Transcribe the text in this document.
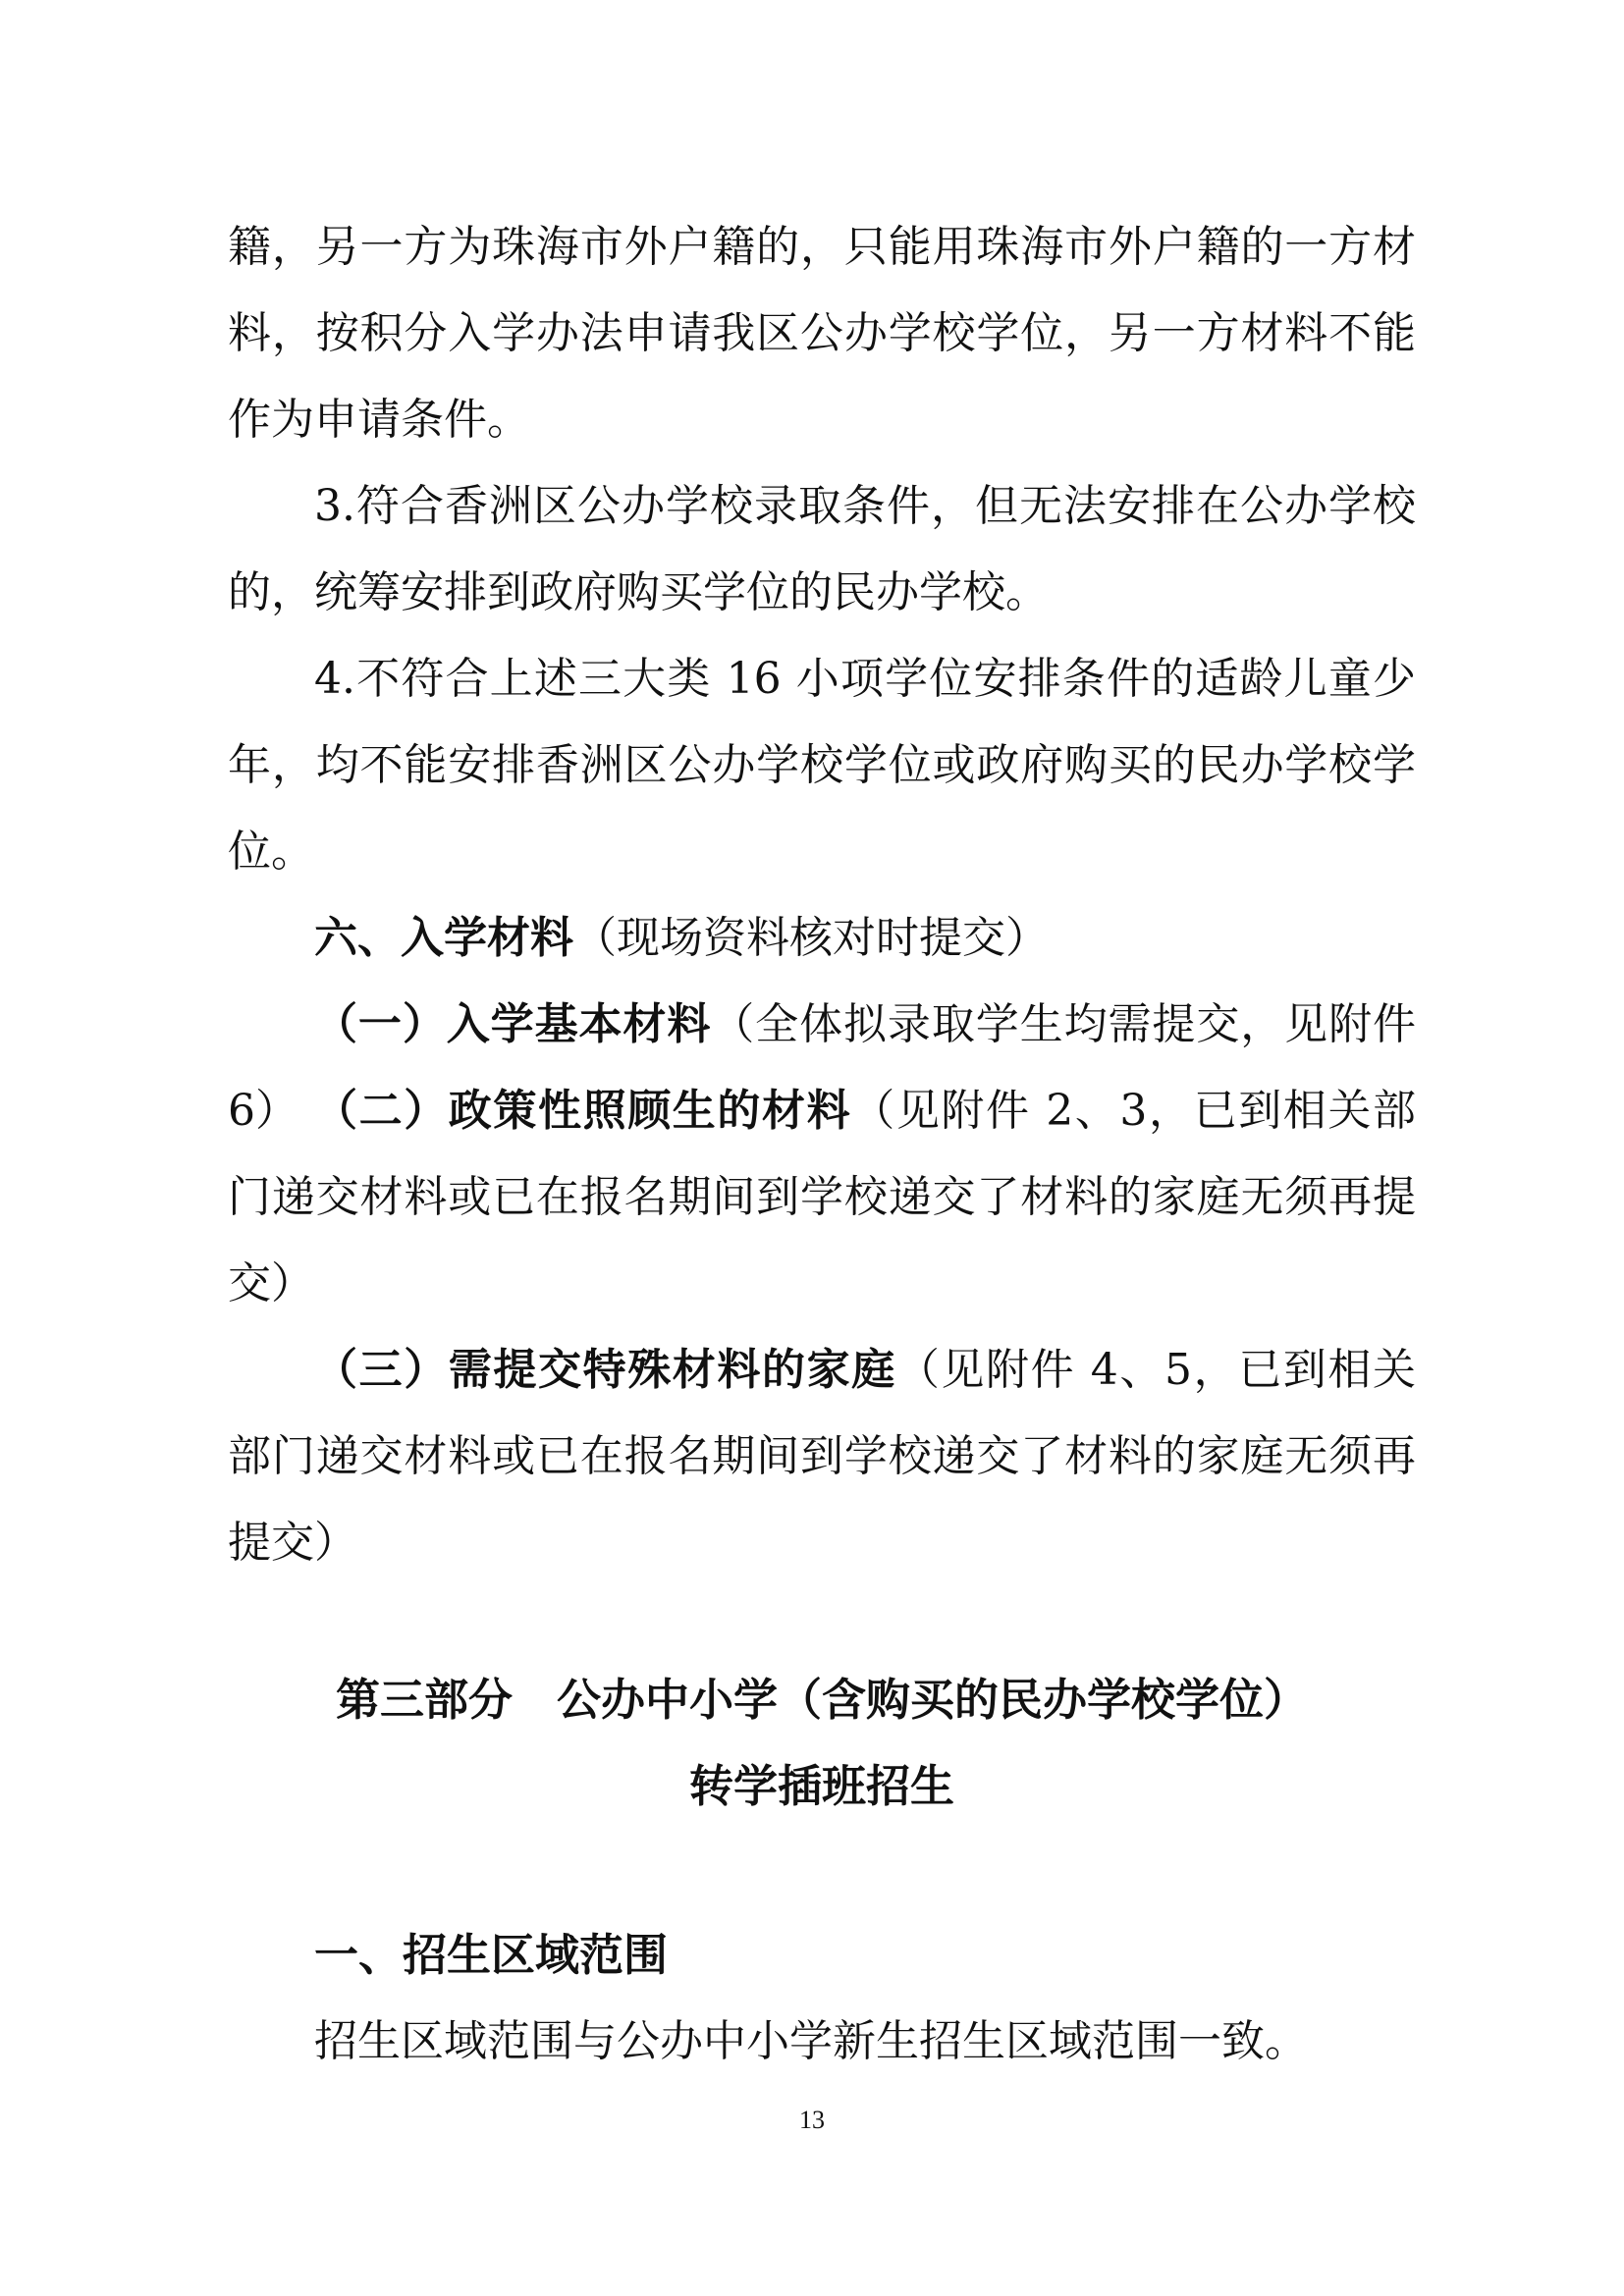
籍，另一方为珠海市外户籍的，只能用珠海市外户籍的一方材料，按积分入学办法申请我区公办学校学位，另一方材料不能作为申请条件。

3.符合香洲区公办学校录取条件，但无法安排在公办学校的，统筹安排到政府购买学位的民办学校。

4.不符合上述三大类 16 小项学位安排条件的适龄儿童少年，均不能安排香洲区公办学校学位或政府购买的民办学校学位。

六、入学材料（现场资料核对时提交）

（一）入学基本材料（全体拟录取学生均需提交，见附件 6） （二）政策性照顾生的材料（见附件 2、3，已到相关部门递交材料或已在报名期间到学校递交了材料的家庭无须再提交）

（三）需提交特殊材料的家庭（见附件 4、5，已到相关部门递交材料或已在报名期间到学校递交了材料的家庭无须再提交）

第三部分　公办中小学（含购买的民办学校学位）

转学插班招生

一、招生区域范围

招生区域范围与公办中小学新生招生区域范围一致。

13
